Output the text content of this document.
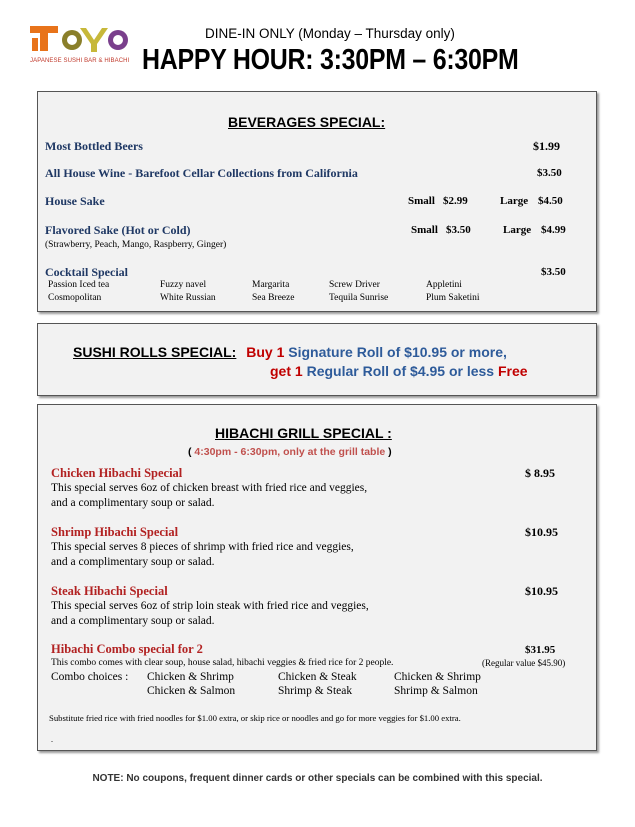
JAPANESE SUSHI BAR & HIBACHI
DINE-IN ONLY (Monday – Thursday only)
HAPPY HOUR: 3:30PM – 6:30PM
BEVERAGES SPECIAL:
Most Bottled Beers	$1.99
All House Wine - Barefoot Cellar Collections from California	$3.50
House Sake	Small $2.99	Large $4.50
Flavored Sake (Hot or Cold)
(Strawberry, Peach, Mango, Raspberry, Ginger)
Small $3.50	Large $4.99
Cocktail Special	$3.50
Passion Iced tea	Fuzzy navel	Margarita	Screw Driver	Appletini
Cosmopolitan	White Russian	Sea Breeze	Tequila Sunrise	Plum Saketini
SUSHI ROLLS SPECIAL: Buy 1 Signature Roll of $10.95 or more,
get 1 Regular Roll of $4.95 or less Free
HIBACHI GRILL SPECIAL :
( 4:30pm - 6:30pm, only at the grill table )
Chicken Hibachi Special	$ 8.95
This special serves 6oz of chicken breast with fried rice and veggies,
and a complimentary soup or salad.
Shrimp Hibachi Special	$10.95
This special serves 8 pieces of shrimp with fried rice and veggies,
and a complimentary soup or salad.
Steak Hibachi Special	$10.95
This special serves 6oz of strip loin steak with fried rice and veggies,
and a complimentary soup or salad.
Hibachi Combo special for 2	$31.95
This combo comes with clear soup, house salad, hibachi veggies & fried rice for 2 people.	(Regular value $45.90)
Combo choices : Chicken & Shrimp	Chicken & Steak	Chicken & Shrimp
Chicken & Salmon	Shrimp & Steak	Shrimp & Salmon
Substitute fried rice with fried noodles for $1.00 extra, or skip rice or noodles and go for more veggies for $1.00 extra.
.
NOTE: No coupons, frequent dinner cards or other specials can be combined with this special.
